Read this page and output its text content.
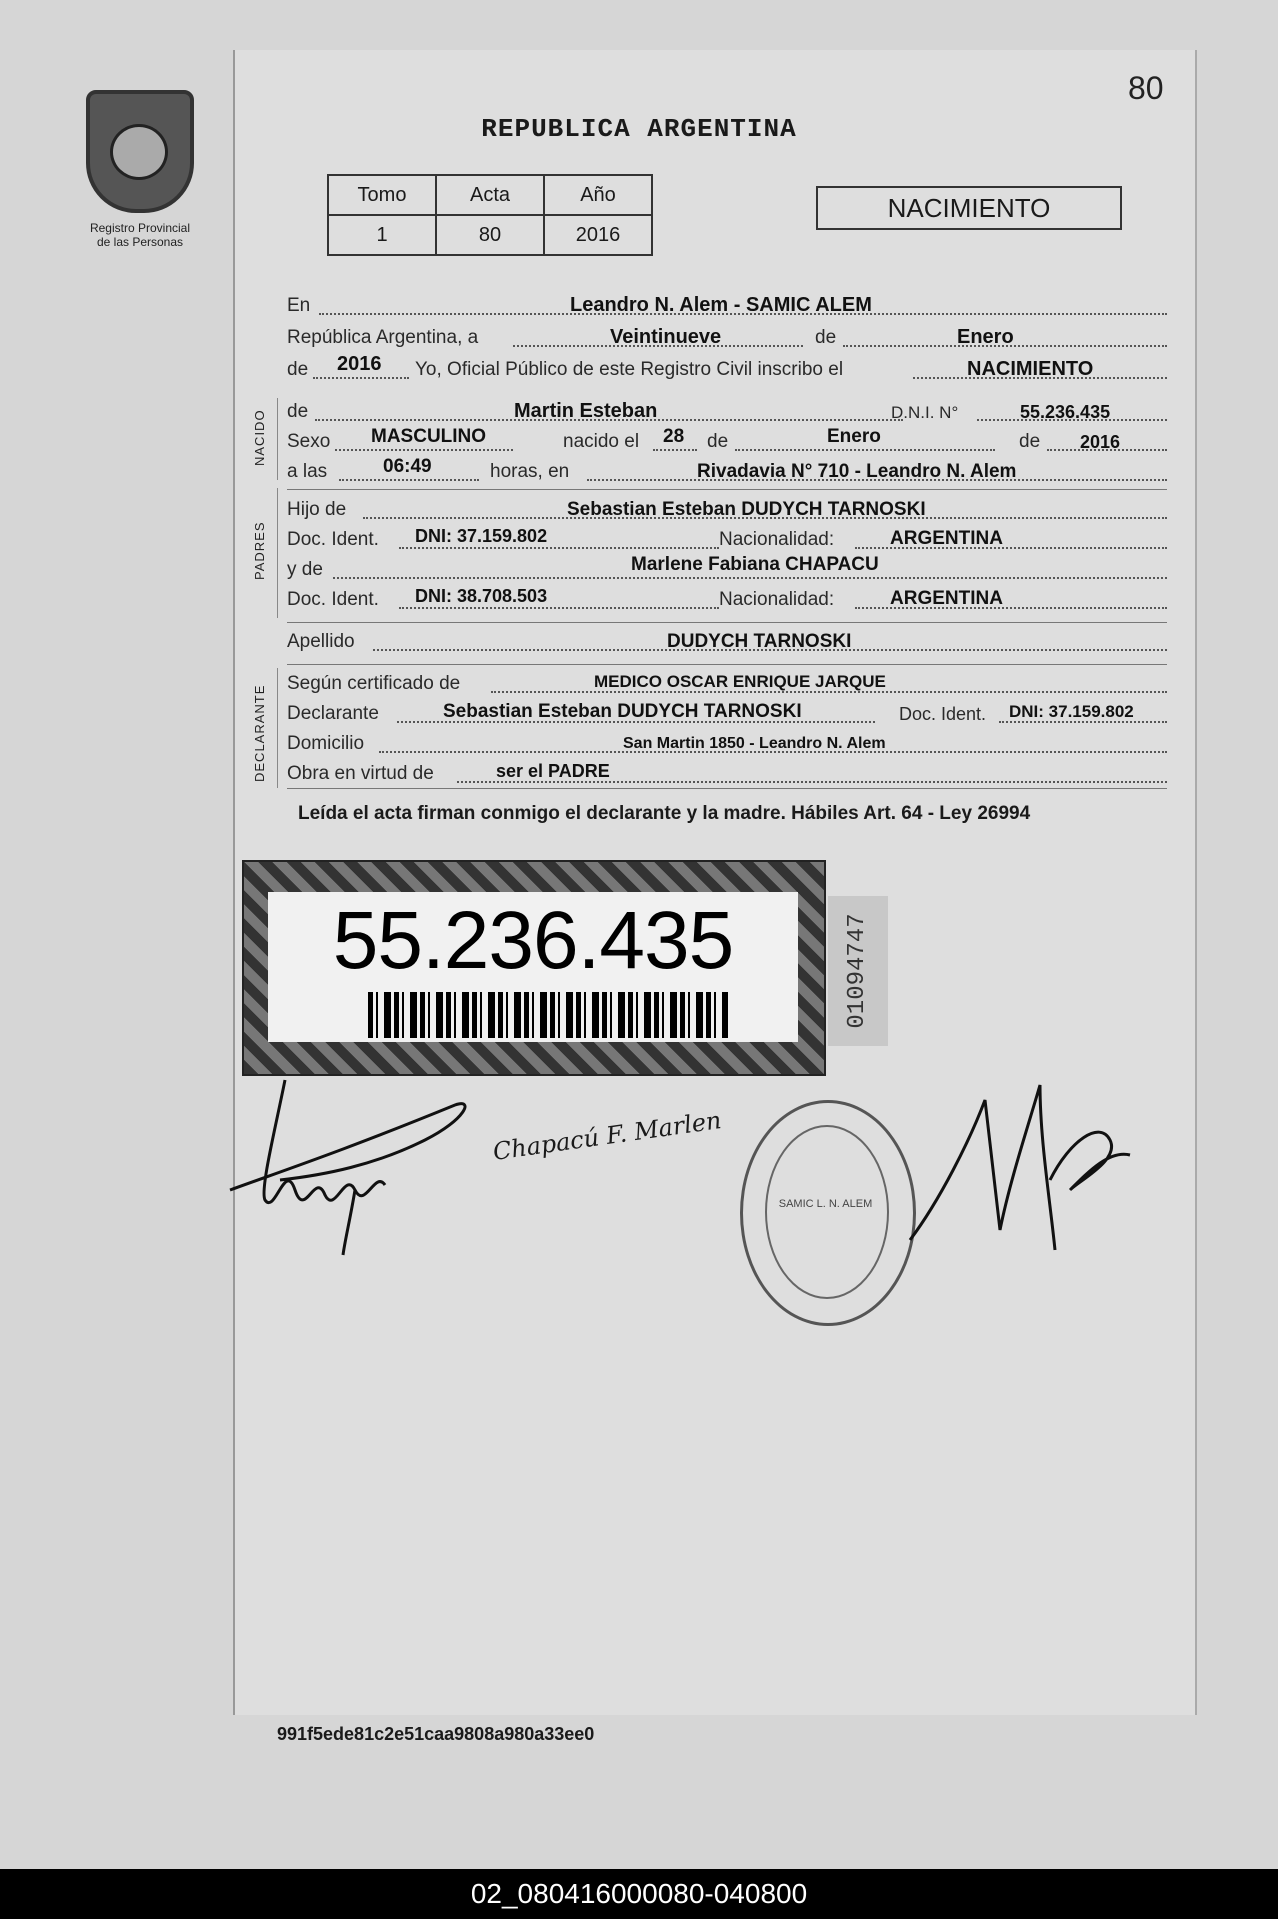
Registro Provincial
de las Personas
80
REPUBLICA ARGENTINA
Tomo	Acta	Año
1	80	2016
NACIMIENTO
NACIDO
PADRES
DECLARANTE
En	Leandro N. Alem - SAMIC ALEM
República Argentina, a	Veintinueve	de	Enero
de 2016 Yo, Oficial Público de este Registro Civil inscribo el	NACIMIENTO
de	Martin Esteban	D.N.I. N°	55.236.435
Sexo MASCULINO	nacido el 28 de	Enero	de 2016
a las	06:49	horas, en	Rivadavia N° 710 - Leandro N. Alem
Hijo de	Sebastian Esteban DUDYCH TARNOSKI
Doc. Ident. DNI: 37.159.802	Nacionalidad:	ARGENTINA
y de	Marlene Fabiana CHAPACU
Doc. Ident. DNI: 38.708.503	Nacionalidad:	ARGENTINA
Apellido	DUDYCH TARNOSKI
Según certificado de	MEDICO OSCAR ENRIQUE JARQUE
Declarante	Sebastian Esteban DUDYCH TARNOSKI	Doc. Ident. DNI: 37.159.802
Domicilio	San Martin 1850 - Leandro N. Alem
Obra en virtud de	ser el PADRE
Leída el acta firman conmigo el declarante y la madre. Hábiles Art. 64 - Ley 26994
55.236.435	01094747
Chapacú F. Marlen
SAMIC L. N. ALEM
991f5ede81c2e51caa9808a980a33ee0
02_080416000080-040800
